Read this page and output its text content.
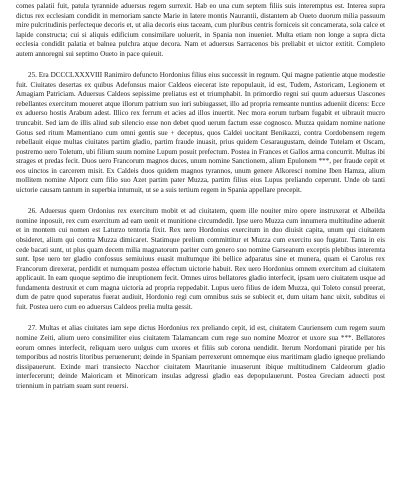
comes palatii fuit, patula tyrannide aduersus regem surrexit. Hab eo una cum septem filiis suis interemptus est. Interea supra dictus rex ecclesiam condidit in memoriam sancte Marie in latere montis Naurantii, distantem ab Oueto duorum milia passuum mire pulcritudinis perfecteque decoris et, ut alia decoris eius taceam, cum pluribus centris forniceis sit concamerata, sola calce et lapide constructa; cui si aliquis edificium consimilare uoluerit, in Spania non inueniet. Multa etiam non longe a supra dicta ecclesia condidit palatia et balnea pulchra atque decora. Nam et aduersus Sarracenos bis preliabit et uictor extitit. Completo autem annoregni sui septimo Oueto in pace quieuit.

25. Era DCCCLXXXVIII Ranimiro defuncto Hordonius filius eius successit in regnum. Qui magne patientie atque modestie fuit. Ciuitates desertas ex quibus Adefonsus maior Caldeos eiecerat iste repopulauit, id est, Tudem, Astoricam, Legionem et Amagiam Patriciam. Aduersus Caldeos sepissime preliatus est et triumphabit. In primordio regni sui quum aduersus Uascones rebellantes exercitum moueret atque illorum patrium suo iuri subiugasset, illo ad propria remeante nuntius adueniit dicens: Ecce ex aduerso hostis Arabum adest. Illico rex ferrum et acies ad illos inuertit. Nec mora eorum turbam fugabit et uibrauit mucro truncabit. Sed iam de illis aliud sub silencio esse non debet quod uerum factum esse cognosco. Muzza quidam nomine natione Gotus sed ritum Mamentiano cum omni gentis sue + deceptus, quos Caldei uocitant Benikazzi, contra Cordobensem regem rebellauit eique multas ciuitates partim gladio, partim fraude inuasit, prius quidem Cesaraugustam, deinde Tutelam et Oscam, postremo uero Toletum, ubi filium suum nomine Lupum posuit prefectum. Postea in Frances et Gallos arma concurrit. Multas ibi strages et predas fecit. Duos uero Francorum magnos duces, unum nomine Sanctionem, alium Epulonem ***, per fraude cepit et eos uinctos in carcerem misit. Ex Caldeis duos quidem magnos tyrannos, unum genere Alkoresci nomine Iben Hamza, alium mollitem nomine Alporz cum filio suo Azet partim pater Muzza, partim filius eius Lupus preliando ceperunt. Unde ob tanti uictorie causam tantum in superbia intumuit, ut se a suis tertium regem in Spania appellare precepit.

26. Aduersus quem Ordonius rex exercitum mobit et ad ciuitatem, quem ille nouiter miro opere instruxerat et Albeilda nomine inposuit, rex cum exercitum ad eam uenit et munitione circumdedit. Ipse uero Muzza cum innumera multitudine aduenit et in montem cui nomen est Laturzo tentoria fixit. Rex uero Hordonius exercitum in duo diuisit capita, unum qui ciuitatem obsideret, alium qui contra Muzza dimicaret. Statimque prelium committitur et Muzza cum exercitu suo fugatur. Tanta in eis cede bacati sunt, ut plus quam decem milia magnatorum pariter cum genero suo nomine Garseanum exceptis plebibus interemta sunt. Ipse uero ter gladio confossus semiuiuus euasit multumque ibi bellice adparatus sine et munera, quam ei Carolus rex Francorum direxerat, perdidit et numquam postea effectum uictorie habuit. Rex uero Hordonius omnem exercitum ad ciuitatem applicauit. In eam quoque septimo die inruptionem fecit. Omnes uiros bellatores gladio interfecit, ipsam uero ciuitatem usque ad fundamenta destruxit et cum magna uictoria ad propria reppedabit. Lupus uero filius de idem Muzza, qui Toleto consul preerat, dum de patre quod superatus fuerat audiuit, Hordonio regi cum omnibus suis se subiecit et, dum uitam hanc uixit, subditus ei fuit. Postea uero cum eo aduersus Caldeos prelia multa gessit.

27. Multas et alias ciuitates iam sepe dictus Hordonius rex preliando cepit, id est, ciuitatem Cauriensem cum regem suum nomine Zeiti, alium uero consimiliter eius ciuitatem Talamancam cum rege suo nomine Mozror et uxore sua ***. Bellatores eorum omnes interfecit, reliquam uero uulgus cum uxores et filiis sub corona uendidit. Iterum Nordomani piratide per his temporibus ad nostris litoribus peruenerunt; deinde in Spaniam perrexerunt omnemque eius maritimam gladio igneque preliando dissipauerunt. Exinde mari transiecto Nacchor ciuitatem Mauritanie inuaserunt ibique multitudinem Caldeorum gladio interfecerunt; deinde Maioricam et Minoricam insulas adgressi gladio eas depopulauerunt. Postea Greciam aduecti post triennium in patriam suam sunt reuersi.
